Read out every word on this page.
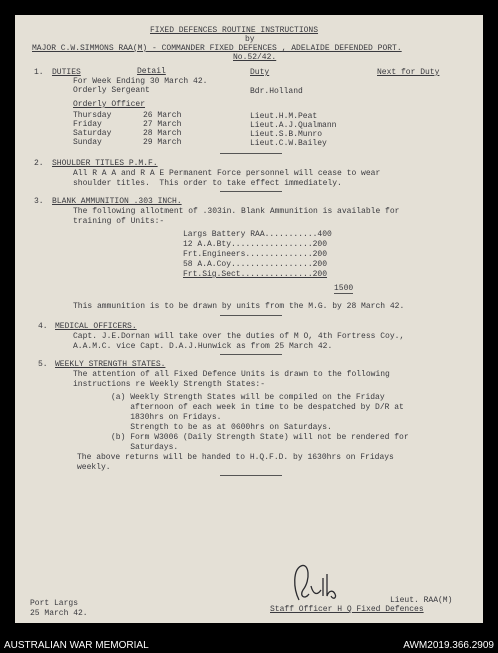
FIXED DEFENCES ROUTINE INSTRUCTIONS
by
MAJOR C.W.SIMMONS RAA(M) - COMMANDER FIXED DEFENCES , ADELAIDE DEFENDED PORT.
No.52/42.
1. DUTIES	Detail	Duty	Next for Duty
For Week Ending 30 March 42.
Orderly Sergeant	Bdr.Holland
Orderly Officer
Thursday	26 March	Lieut.H.M.Peat
Friday	27 March	Lieut.A.J.Qualmann
Saturday	28 March	Lieut.S.B.Munro
Sunday	29 March	Lieut.C.W.Bailey
2. SHOULDER TITLES P.M.F.
All R A A and R A E Permanent Force personnel will cease to wear
shoulder titles.  This order to take effect immediately.
3. BLANK AMMUNITION .303 INCH.
The following allotment of .303in. Blank Ammunition is available for
training of Units:-
Largs Battery RAA...........400
12 A.A.Bty.................200
Frt.Engineers..............200
58 A.A.Coy.................200
Frt.Sig.Sect...............200
1500
This ammunition is to be drawn by units from the M.G. by 28 March 42.
4. MEDICAL OFFICERS.
Capt. J.E.Dornan will take over the duties of M O, 4th Fortress Coy.,
A.A.M.C. vice Capt. D.A.J.Hunwick as from 25 March 42.
5. WEEKLY STRENGTH STATES.
The attention of all Fixed Defence Units is drawn to the following
instructions re Weekly Strength States:-
(a) Weekly Strength States will be compiled on the Friday
afternoon of each week in time to be despatched by D/R at
1830hrs on Fridays.
Strength to be as at 0600hrs on Saturdays.
(b) Form W3006 (Daily Strength State) will not be rendered for
Saturdays.
The above returns will be handed to H.Q.F.D. by 1630hrs on Fridays
weekly.
Port Largs
25 March 42.
Lieut. RAA(M)
Staff Officer H Q Fixed Defences
AUSTRALIAN WAR MEMORIAL	AWM2019.366.2909
